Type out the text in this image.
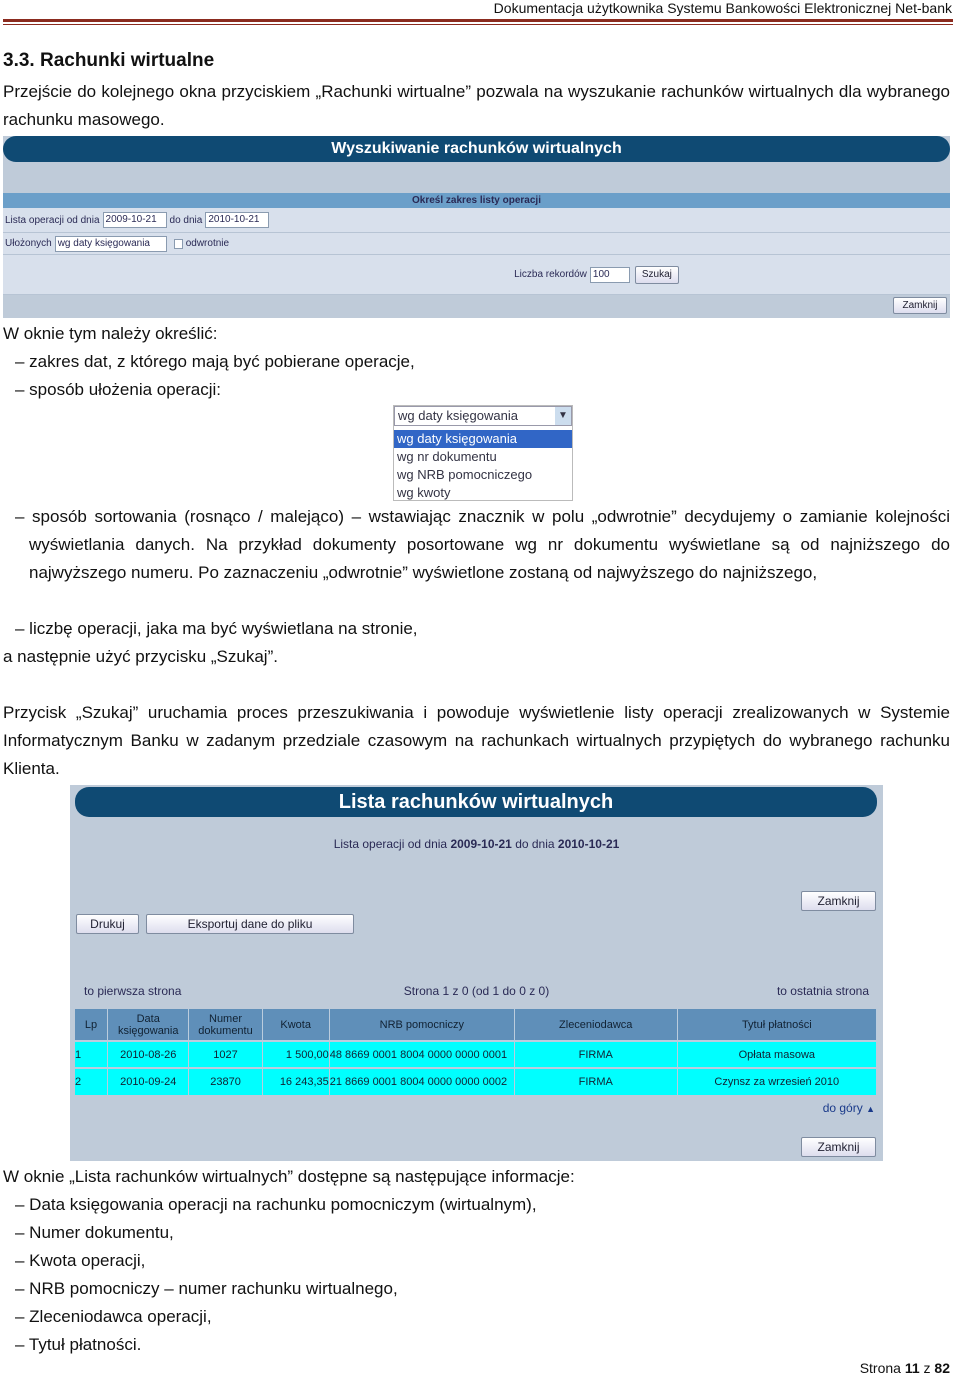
Dokumentacja użytkownika Systemu Bankowości Elektronicznej Net-bank
3.3. Rachunki wirtualne
Przejście do kolejnego okna przyciskiem „Rachunki wirtualne” pozwala na wyszukanie rachunków wirtualnych dla wybranego rachunku masowego.
Wyszukiwanie rachunków wirtualnych
Określ zakres listy operacji
Lista operacji od dnia 2009-10-21	do dnia 2010-10-21
Ułożonych wg daty księgowania	odwrotnie
Liczba rekordów 100	Szukaj
Zamknij
W oknie tym należy określić:
– zakres dat, z którego mają być pobierane operacje,
– sposób ułożenia operacji:
wg daty księgowania	▼
wg daty księgowania
wg nr dokumentu
wg NRB pomocniczego
wg kwoty
– sposób sortowania (rosnąco / malejąco) – wstawiając znacznik w polu „odwrotnie” decydujemy o zamianie kolejności wyświetlania danych. Na przykład dokumenty posortowane wg nr dokumentu wyświetlane są od najniższego do najwyższego numeru. Po zaznaczeniu „odwrotnie” wyświetlone zostaną od najwyższego do najniższego,
– liczbę operacji, jaka ma być wyświetlana na stronie,
a następnie użyć przycisku „Szukaj”.
Przycisk „Szukaj” uruchamia proces przeszukiwania i powoduje wyświetlenie listy operacji zrealizowanych w Systemie Informatycznym Banku w zadanym przedziale czasowym na rachunkach wirtualnych przypiętych do wybranego rachunku Klienta.
Lista rachunków wirtualnych
Lista operacji od dnia 2009-10-21 do dnia 2010-10-21
Zamknij
Drukuj	Eksportuj dane do pliku
to pierwsza strona	Strona 1 z 0 (od 1 do 0 z 0)	to ostatnia strona
Lp	Data księgowania	Numer dokumentu	Kwota	NRB pomocniczy	Zleceniodawca	Tytuł płatności
1	2010-08-26	1027	1 500,00	48 8669 0001 8004 0000 0000 0001	FIRMA	Opłata masowa
2	2010-09-24	23870	16 243,35	21 8669 0001 8004 0000 0000 0002	FIRMA	Czynsz za wrzesień 2010
do góry ▲
Zamknij
W oknie „Lista rachunków wirtualnych” dostępne są następujące informacje:
– Data księgowania operacji na rachunku pomocniczym (wirtualnym),
– Numer dokumentu,
– Kwota operacji,
– NRB pomocniczy – numer rachunku wirtualnego,
– Zleceniodawca operacji,
– Tytuł płatności.
Strona 11 z 82
